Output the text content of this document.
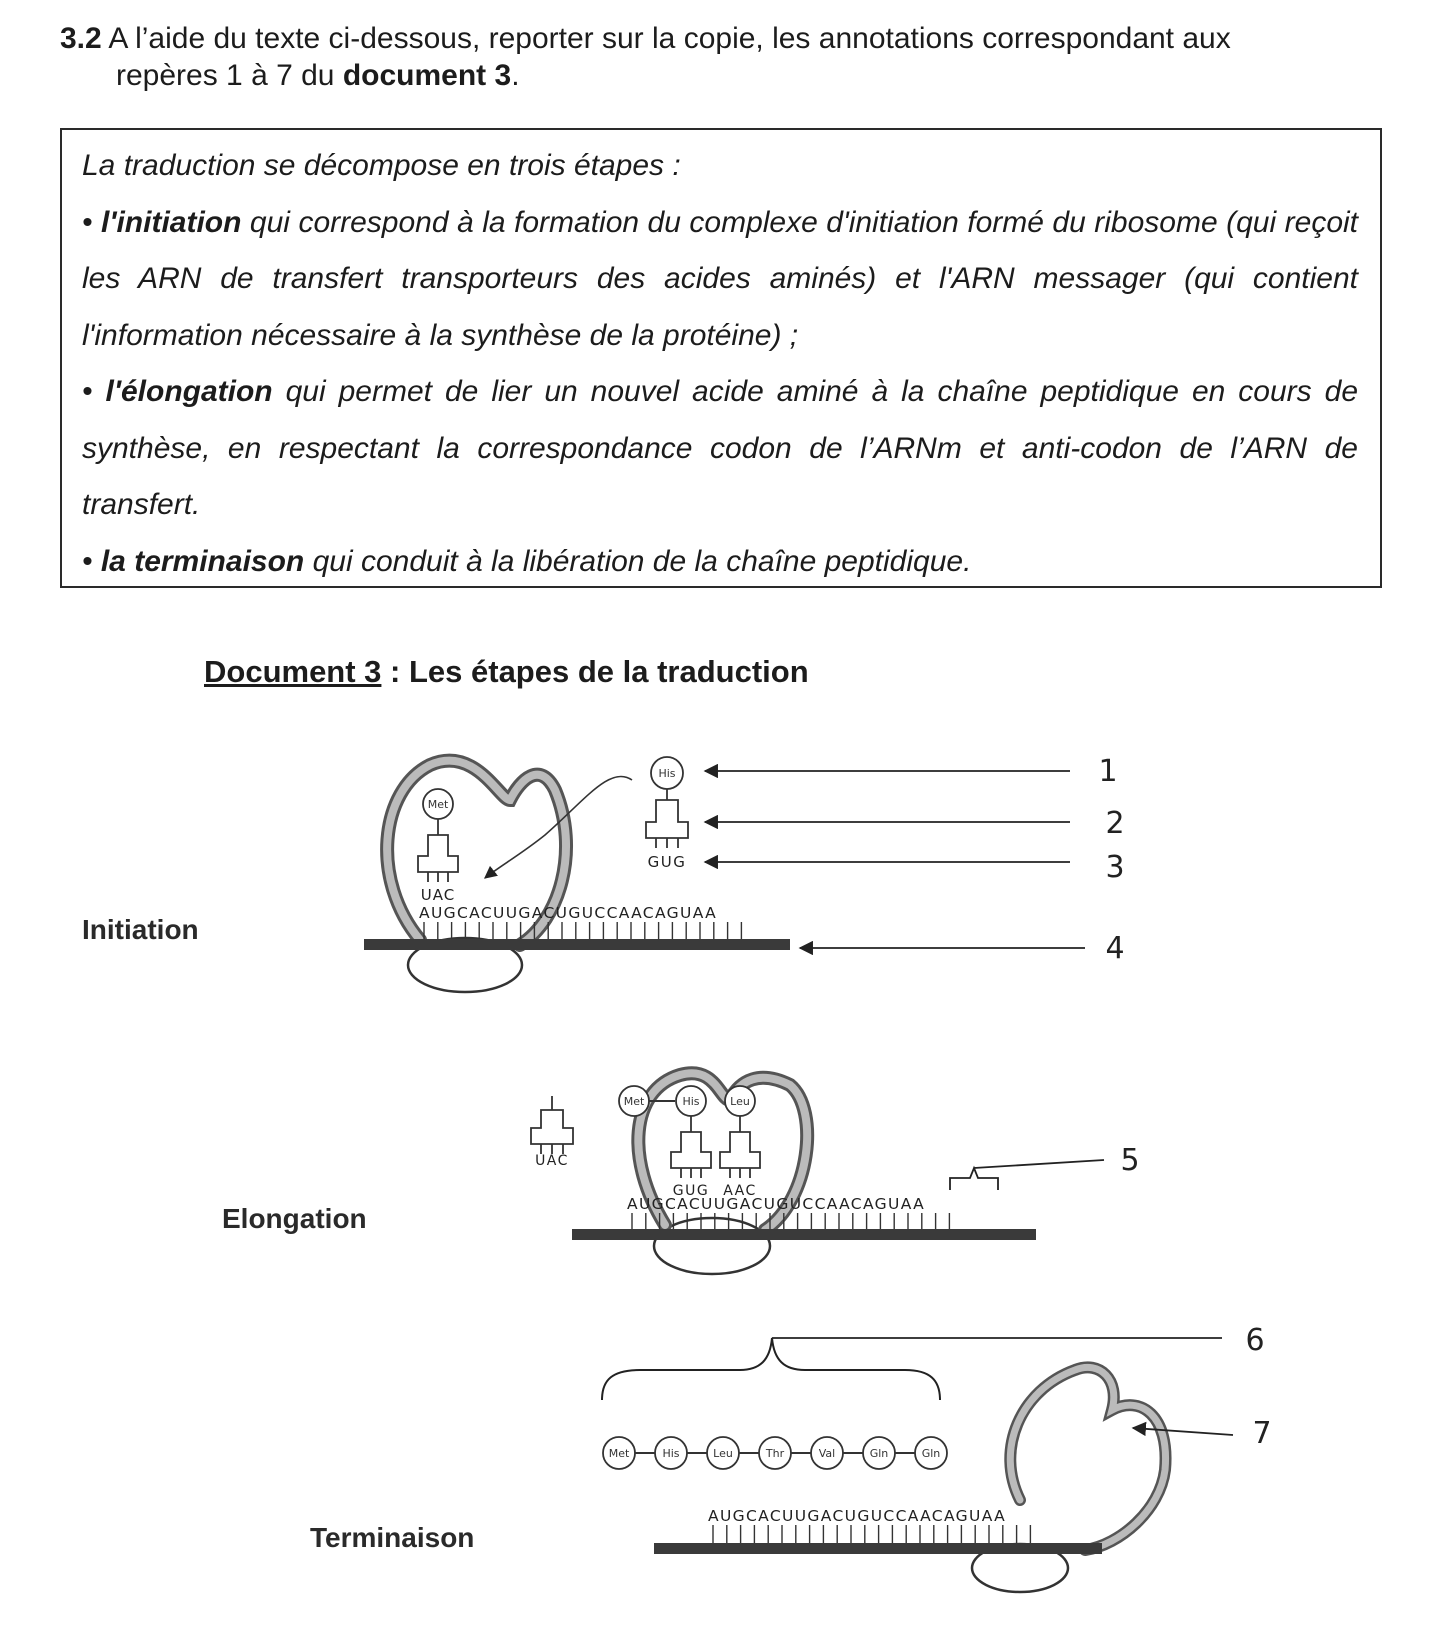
3.2 A l’aide du texte ci-dessous, reporter sur la copie, les annotations correspondant aux
repères 1 à 7 du document 3.

La traduction se décompose en trois étapes :

• l'initiation qui correspond à la formation du complexe d'initiation formé du ribosome (qui reçoit les ARN de transfert transporteurs des acides aminés) et l'ARN messager (qui contient l'information nécessaire à la synthèse de la protéine) ;

• l'élongation qui permet de lier un nouvel acide aminé à la chaîne peptidique en cours de synthèse, en respectant la correspondance codon de l’ARNm et anti-codon de l’ARN de transfert.

• la terminaison qui conduit à la libération de la chaîne peptidique.

Document 3 : Les étapes de la traduction
Initiation
Elongation
Terminaison
AUGCACUUGACUGUCCAACAGUAA
Met
UAC
His
GUG
1
2
3
4
UAC
AUGCACUUGACUGUCCAACAGUAA
Met	His
GUG
Leu
AAC
5
6
Met	His	Leu	Thr	Val	Gln	Gln
7
AUGCACUUGACUGUCCAACAGUAA
